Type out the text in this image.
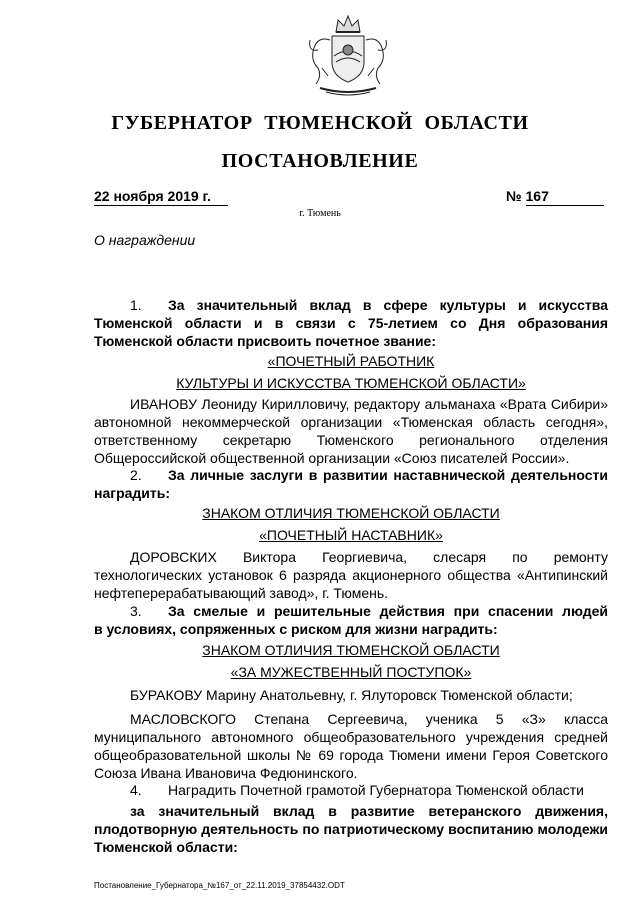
ГУБЕРНАТОР ТЮМЕНСКОЙ ОБЛАСТИ
ПОСТАНОВЛЕНИЕ
22 ноября 2019 г.	№ 167
г. Тюмень
О награждении
1. За значительный вклад в сфере культуры и искусства
Тюменской области и в связи с 75-летием со Дня образования
Тюменской области присвоить почетное звание:
«ПОЧЕТНЫЙ РАБОТНИК
КУЛЬТУРЫ И ИСКУССТВА ТЮМЕНСКОЙ ОБЛАСТИ»
ИВАНОВУ Леониду Кирилловичу, редактору альманаха «Врата Сибири»
автономной некоммерческой организации «Тюменская область сегодня»,
ответственному секретарю Тюменского регионального отделения
Общероссийской общественной организации «Союз писателей России».
2. За личные заслуги в развитии наставнической деятельности
наградить:
ЗНАКОМ ОТЛИЧИЯ ТЮМЕНСКОЙ ОБЛАСТИ
«ПОЧЕТНЫЙ НАСТАВНИК»
ДОРОВСКИХ Виктора Георгиевича, слесаря по ремонту
технологических установок 6 разряда акционерного общества «Антипинский
нефтеперерабатывающий завод», г. Тюмень.
3. За смелые и решительные действия при спасении людей
в условиях, сопряженных с риском для жизни наградить:
ЗНАКОМ ОТЛИЧИЯ ТЮМЕНСКОЙ ОБЛАСТИ
«ЗА МУЖЕСТВЕННЫЙ ПОСТУПОК»
БУРАКОВУ Марину Анатольевну, г. Ялуторовск Тюменской области;
МАСЛОВСКОГО Степана Сергеевича, ученика 5 «З» класса
муниципального автономного общеобразовательного учреждения средней
общеобразовательной школы № 69 города Тюмени имени Героя Советского
Союза Ивана Ивановича Федюнинского.
4. Наградить Почетной грамотой Губернатора Тюменской области
за значительный вклад в развитие ветеранского движения,
плодотворную деятельность по патриотическому воспитанию молодежи
Тюменской области:
Постановление_Губернатора_№167_от_22.11.2019_37854432.ODT
